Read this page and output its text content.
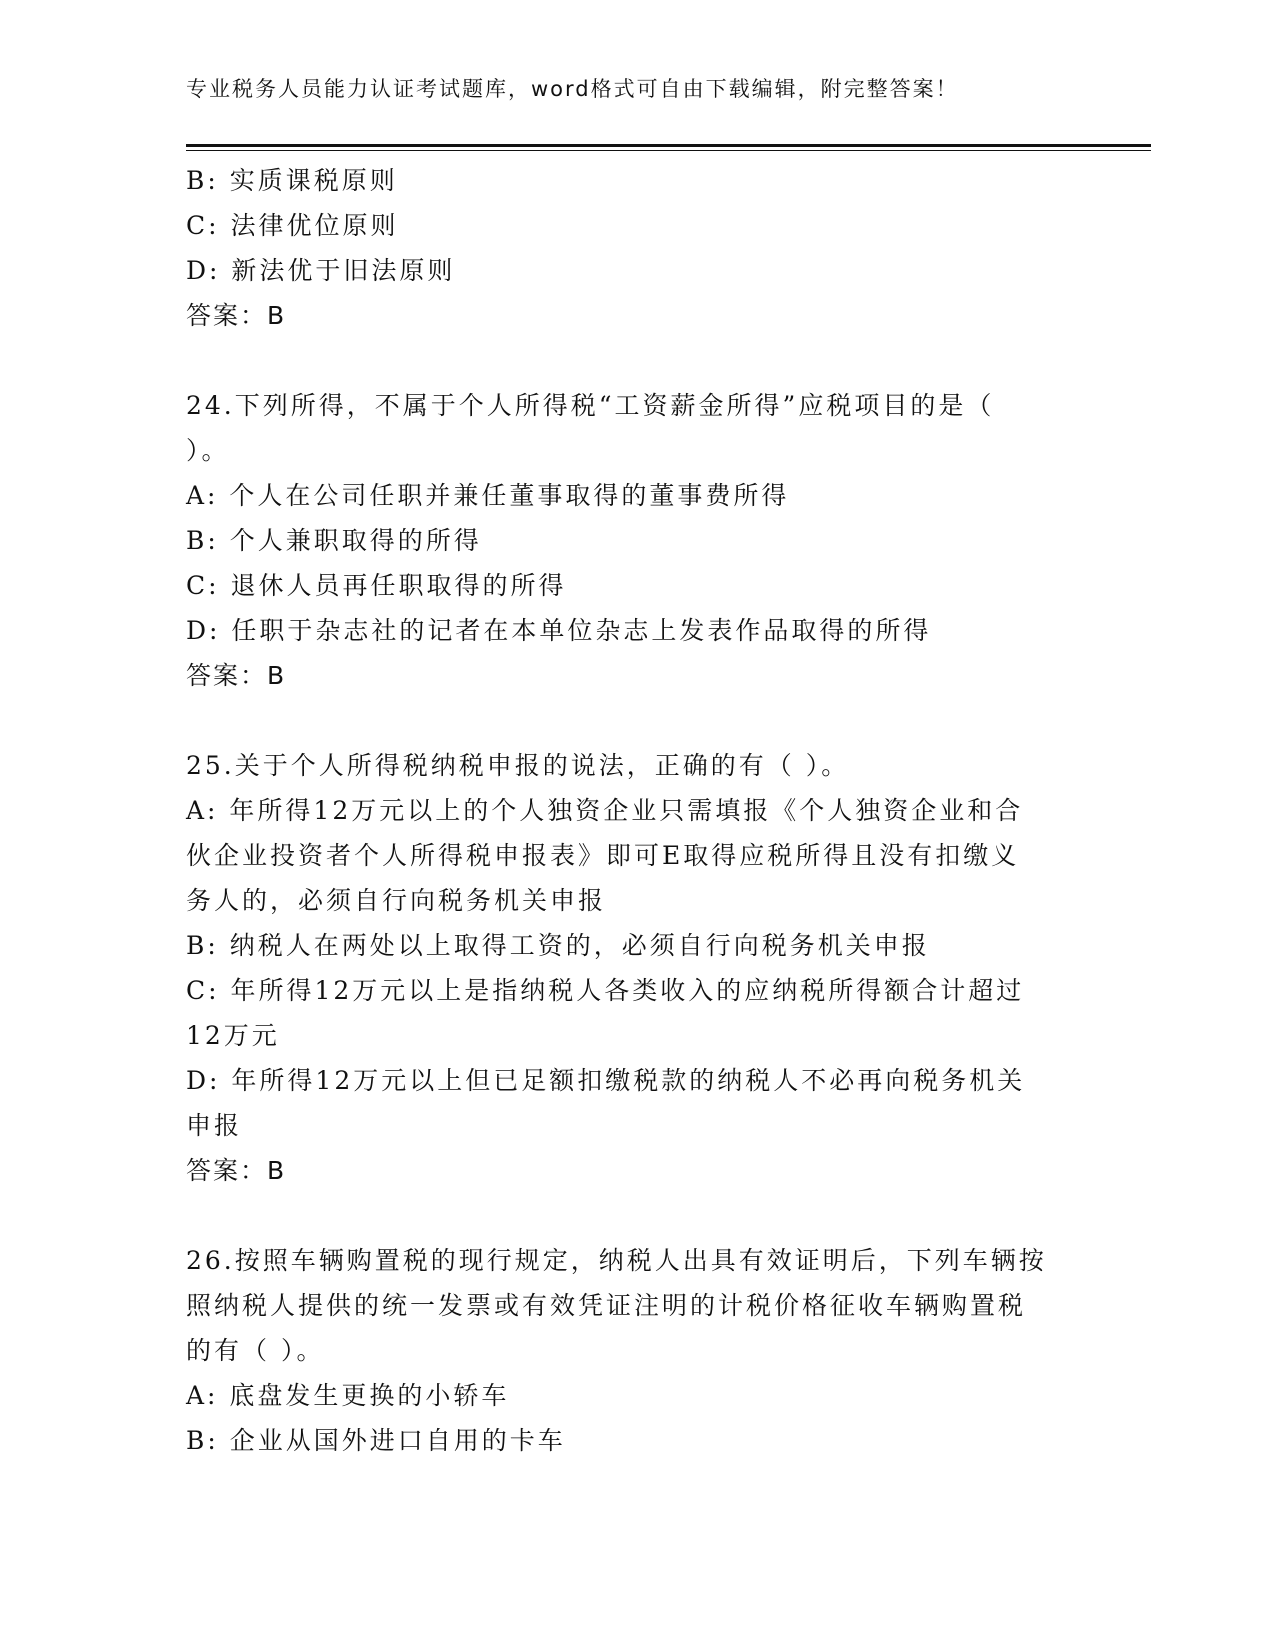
专业税务人员能力认证考试题库，word格式可自由下载编辑，附完整答案！
B: 实质课税原则
C: 法律优位原则
D: 新法优于旧法原则
答案：B
24.下列所得，不属于个人所得税“工资薪金所得”应税项目的是（
）。
A: 个人在公司任职并兼任董事取得的董事费所得
B: 个人兼职取得的所得
C: 退休人员再任职取得的所得
D: 任职于杂志社的记者在本单位杂志上发表作品取得的所得
答案：B
25.关于个人所得税纳税申报的说法，正确的有（ ）。
A: 年所得12万元以上的个人独资企业只需填报《个人独资企业和合
伙企业投资者个人所得税申报表》即可E取得应税所得且没有扣缴义
务人的，必须自行向税务机关申报
B: 纳税人在两处以上取得工资的，必须自行向税务机关申报
C: 年所得12万元以上是指纳税人各类收入的应纳税所得额合计超过
12万元
D: 年所得12万元以上但已足额扣缴税款的纳税人不必再向税务机关
申报
答案：B
26.按照车辆购置税的现行规定，纳税人出具有效证明后，下列车辆按
照纳税人提供的统一发票或有效凭证注明的计税价格征收车辆购置税
的有（ ）。
A: 底盘发生更换的小轿车
B: 企业从国外进口自用的卡车
